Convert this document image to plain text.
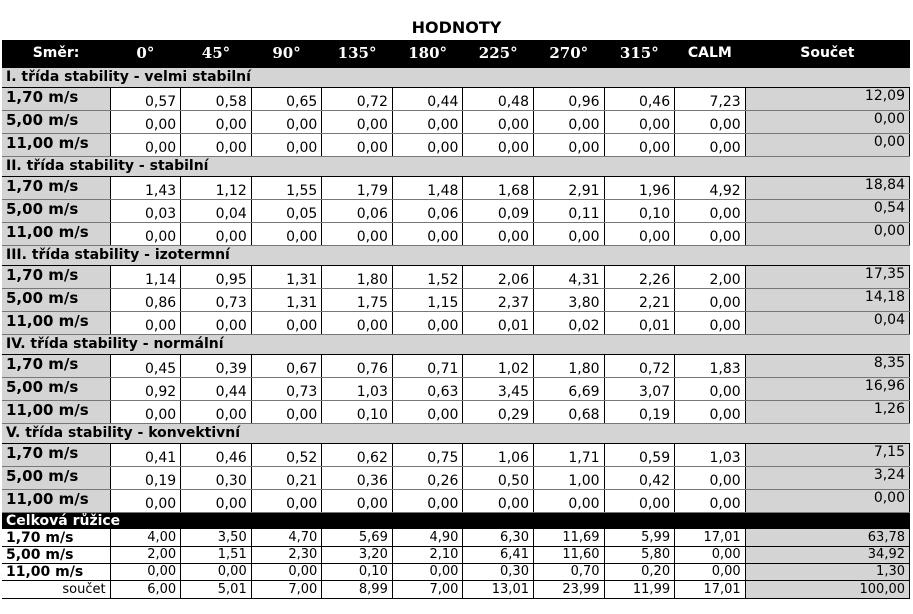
HODNOTY
Směr:	0°	45°	90°	135°	180°	225°	270°	315°	CALM	Součet
I. třída stability - velmi stabilní										
1,70 m/s	0,57	0,58	0,65	0,72	0,44	0,48	0,96	0,46	7,23	12,09
5,00 m/s	0,00	0,00	0,00	0,00	0,00	0,00	0,00	0,00	0,00	0,00
11,00 m/s	0,00	0,00	0,00	0,00	0,00	0,00	0,00	0,00	0,00	0,00
II. třída stability - stabilní										
1,70 m/s	1,43	1,12	1,55	1,79	1,48	1,68	2,91	1,96	4,92	18,84
5,00 m/s	0,03	0,04	0,05	0,06	0,06	0,09	0,11	0,10	0,00	0,54
11,00 m/s	0,00	0,00	0,00	0,00	0,00	0,00	0,00	0,00	0,00	0,00
III. třída stability - izotermní										
1,70 m/s	1,14	0,95	1,31	1,80	1,52	2,06	4,31	2,26	2,00	17,35
5,00 m/s	0,86	0,73	1,31	1,75	1,15	2,37	3,80	2,21	0,00	14,18
11,00 m/s	0,00	0,00	0,00	0,00	0,00	0,01	0,02	0,01	0,00	0,04
IV. třída stability - normální										
1,70 m/s	0,45	0,39	0,67	0,76	0,71	1,02	1,80	0,72	1,83	8,35
5,00 m/s	0,92	0,44	0,73	1,03	0,63	3,45	6,69	3,07	0,00	16,96
11,00 m/s	0,00	0,00	0,00	0,10	0,00	0,29	0,68	0,19	0,00	1,26
V. třída stability - konvektivní										
1,70 m/s	0,41	0,46	0,52	0,62	0,75	1,06	1,71	0,59	1,03	7,15
5,00 m/s	0,19	0,30	0,21	0,36	0,26	0,50	1,00	0,42	0,00	3,24
11,00 m/s	0,00	0,00	0,00	0,00	0,00	0,00	0,00	0,00	0,00	0,00
Celková růžice										
1,70 m/s	4,00	3,50	4,70	5,69	4,90	6,30	11,69	5,99	17,01	63,78
5,00 m/s	2,00	1,51	2,30	3,20	2,10	6,41	11,60	5,80	0,00	34,92
11,00 m/s	0,00	0,00	0,00	0,10	0,00	0,30	0,70	0,20	0,00	1,30
součet	6,00	5,01	7,00	8,99	7,00	13,01	23,99	11,99	17,01	100,00
